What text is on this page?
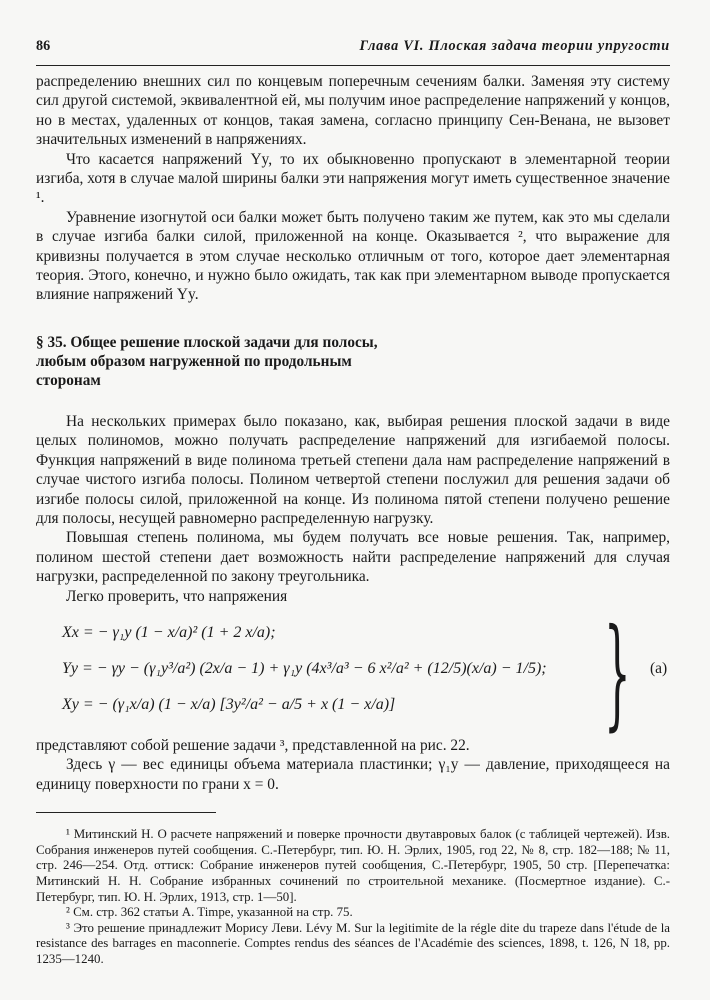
86	Глава VI. Плоская задача теории упругости

распределению внешних сил по концевым поперечным сечениям балки. Заменяя эту систему сил другой системой, эквивалентной ей, мы получим иное распределение напряжений у концов, но в местах, удаленных от концов, такая замена, согласно принципу Сен-Венана, не вызовет значительных изменений в напряжениях.

Что касается напряжений Yy, то их обыкновенно пропускают в элементарной теории изгиба, хотя в случае малой ширины балки эти напряжения могут иметь существенное значение ¹.

Уравнение изогнутой оси балки может быть получено таким же путем, как это мы сделали в случае изгиба балки силой, приложенной на конце. Оказывается ², что выражение для кривизны получается в этом случае несколько отличным от того, которое дает элементарная теория. Этого, конечно, и нужно было ожидать, так как при элементарном выводе пропускается влияние напряжений Yy.

§ 35. Общее решение плоской задачи для полосы,
любым образом нагруженной по продольным
сторонам

На нескольких примерах было показано, как, выбирая решения плоской задачи в виде целых полиномов, можно получать распределение напряжений для изгибаемой полосы. Функция напряжений в виде полинома третьей степени дала нам распределение напряжений в случае чистого изгиба полосы. Полином четвертой степени послужил для решения задачи об изгибе полосы силой, приложенной на конце. Из полинома пятой степени получено решение для полосы, несущей равномерно распределенную нагрузку.

Повышая степень полинома, мы будем получать все новые решения. Так, например, полином шестой степени дает возможность найти распределение напряжений для случая нагрузки, распределенной по закону треугольника.

Легко проверить, что напряжения

Xx = − γ₁y (1 − x/a)² (1 + 2 x/a);
Yy = − γy − (γ₁y³/a²) (2x/a − 1) + γ₁y (4x³/a³ − 6 x²/a² + (12/5)(x/a) − 1/5);
Xy = − (γ₁x/a) (1 − x/a) [3y²/a² − a/5 + x (1 − x/a)] } (a)

представляют собой решение задачи ³, представленной на рис. 22.

Здесь γ — вес единицы объема материала пластинки; γ₁y — давление, приходящееся на единицу поверхности по грани x = 0.

¹ Митинский Н. О расчете напряжений и поверке прочности двутавровых балок (с таблицей чертежей). Изв. Собрания инженеров путей сообщения. С.-Петербург, тип. Ю. Н. Эрлих, 1905, год 22, № 8, стр. 182—188; № 11, стр. 246—254. Отд. оттиск: Собрание инженеров путей сообщения, С.-Петербург, 1905, 50 стр. [Перепечатка: Митинский Н. Н. Собрание избранных сочинений по строительной механике. (Посмертное издание). С.-Петербург, тип. Ю. Н. Эрлих, 1913, стр. 1—50].

² См. стр. 362 статьи A. Timpe, указанной на стр. 75.

³ Это решение принадлежит Морису Леви. Lévy M. Sur la legitimite de la régle dite du trapeze dans l'étude de la resistance des barrages en maconnerie. Comptes rendus des séances de l'Académie des sciences, 1898, t. 126, N 18, pp. 1235—1240.
